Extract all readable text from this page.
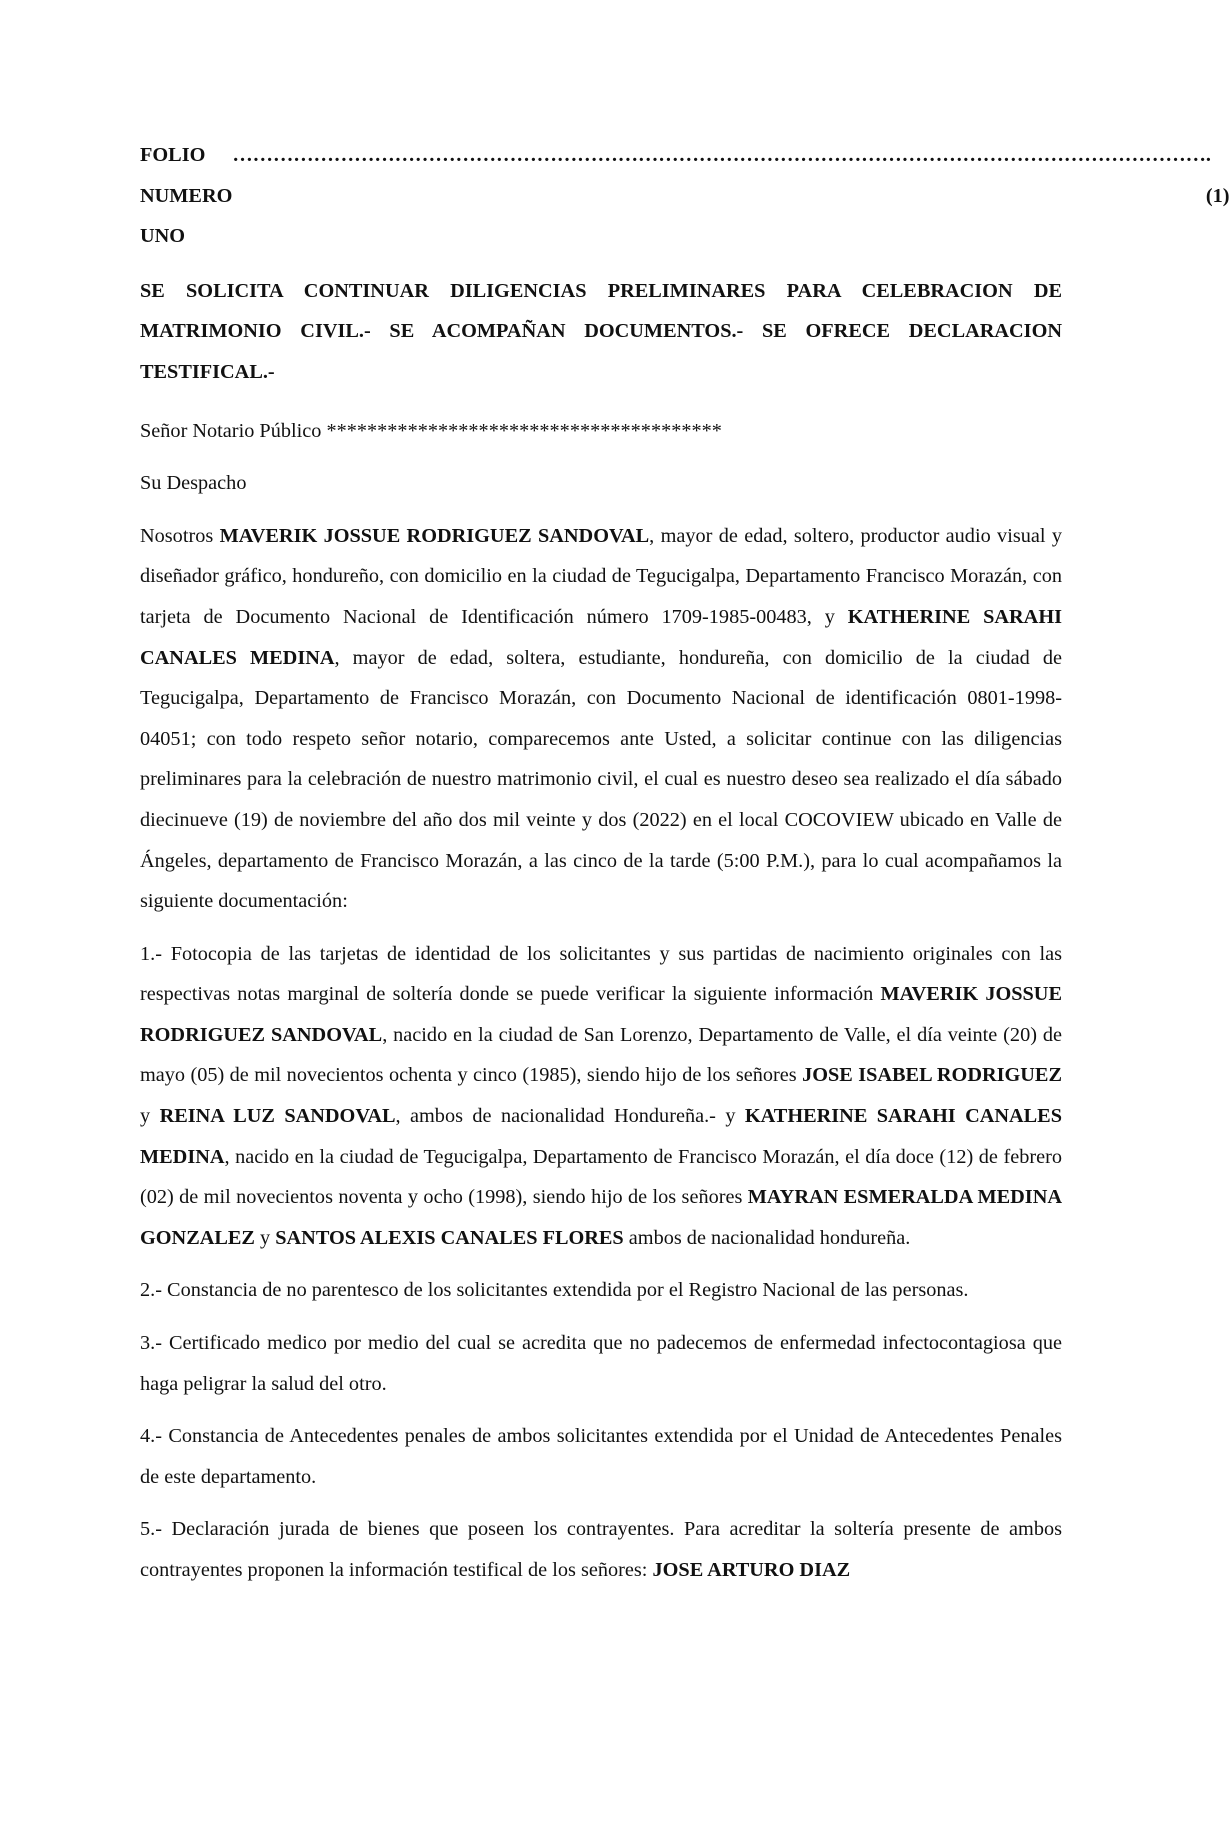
FOLIO NUMERO UNO
……………………………………………………………………………………………………………………………… .(1)

SE SOLICITA CONTINUAR DILIGENCIAS PRELIMINARES PARA CELEBRACION DE MATRIMONIO CIVIL.- SE ACOMPAÑAN DOCUMENTOS.- SE OFRECE DECLARACION TESTIFICAL.-

Señor Notario Público ***************************************

Su Despacho

Nosotros MAVERIK JOSSUE RODRIGUEZ SANDOVAL, mayor de edad, soltero, productor audio visual y diseñador gráfico, hondureño, con domicilio en la ciudad de Tegucigalpa, Departamento Francisco Morazán, con tarjeta de Documento Nacional de Identificación número 1709-1985-00483, y KATHERINE SARAHI CANALES MEDINA, mayor de edad, soltera, estudiante, hondureña, con domicilio de la ciudad de Tegucigalpa, Departamento de Francisco Morazán, con Documento Nacional de identificación 0801-1998-04051; con todo respeto señor notario, comparecemos ante Usted, a solicitar continue con las diligencias preliminares para la celebración de nuestro matrimonio civil, el cual es nuestro deseo sea realizado el día sábado diecinueve (19) de noviembre del año dos mil veinte y dos (2022) en el local COCOVIEW ubicado en Valle de Ángeles, departamento de Francisco Morazán, a las cinco de la tarde (5:00 P.M.), para lo cual acompañamos la siguiente documentación:

1.- Fotocopia de las tarjetas de identidad de los solicitantes y sus partidas de nacimiento originales con las respectivas notas marginal de soltería donde se puede verificar la siguiente información MAVERIK JOSSUE RODRIGUEZ SANDOVAL, nacido en la ciudad de San Lorenzo, Departamento de Valle, el día veinte (20) de mayo (05) de mil novecientos ochenta y cinco (1985), siendo hijo de los señores JOSE ISABEL RODRIGUEZ y REINA LUZ SANDOVAL, ambos de nacionalidad Hondureña.- y KATHERINE SARAHI CANALES MEDINA, nacido en la ciudad de Tegucigalpa, Departamento de Francisco Morazán, el día doce (12) de febrero (02) de mil novecientos noventa y ocho (1998), siendo hijo de los señores MAYRAN ESMERALDA MEDINA GONZALEZ y SANTOS ALEXIS CANALES FLORES ambos de nacionalidad hondureña.

2.- Constancia de no parentesco de los solicitantes extendida por el Registro Nacional de las personas.

3.- Certificado medico por medio del cual se acredita que no padecemos de enfermedad infectocontagiosa que haga peligrar la salud del otro.

4.- Constancia de Antecedentes penales de ambos solicitantes extendida por el Unidad de Antecedentes Penales de este departamento.

5.- Declaración jurada de bienes que poseen los contrayentes. Para acreditar la soltería presente de ambos contrayentes proponen la información testifical de los señores: JOSE ARTURO DIAZ
